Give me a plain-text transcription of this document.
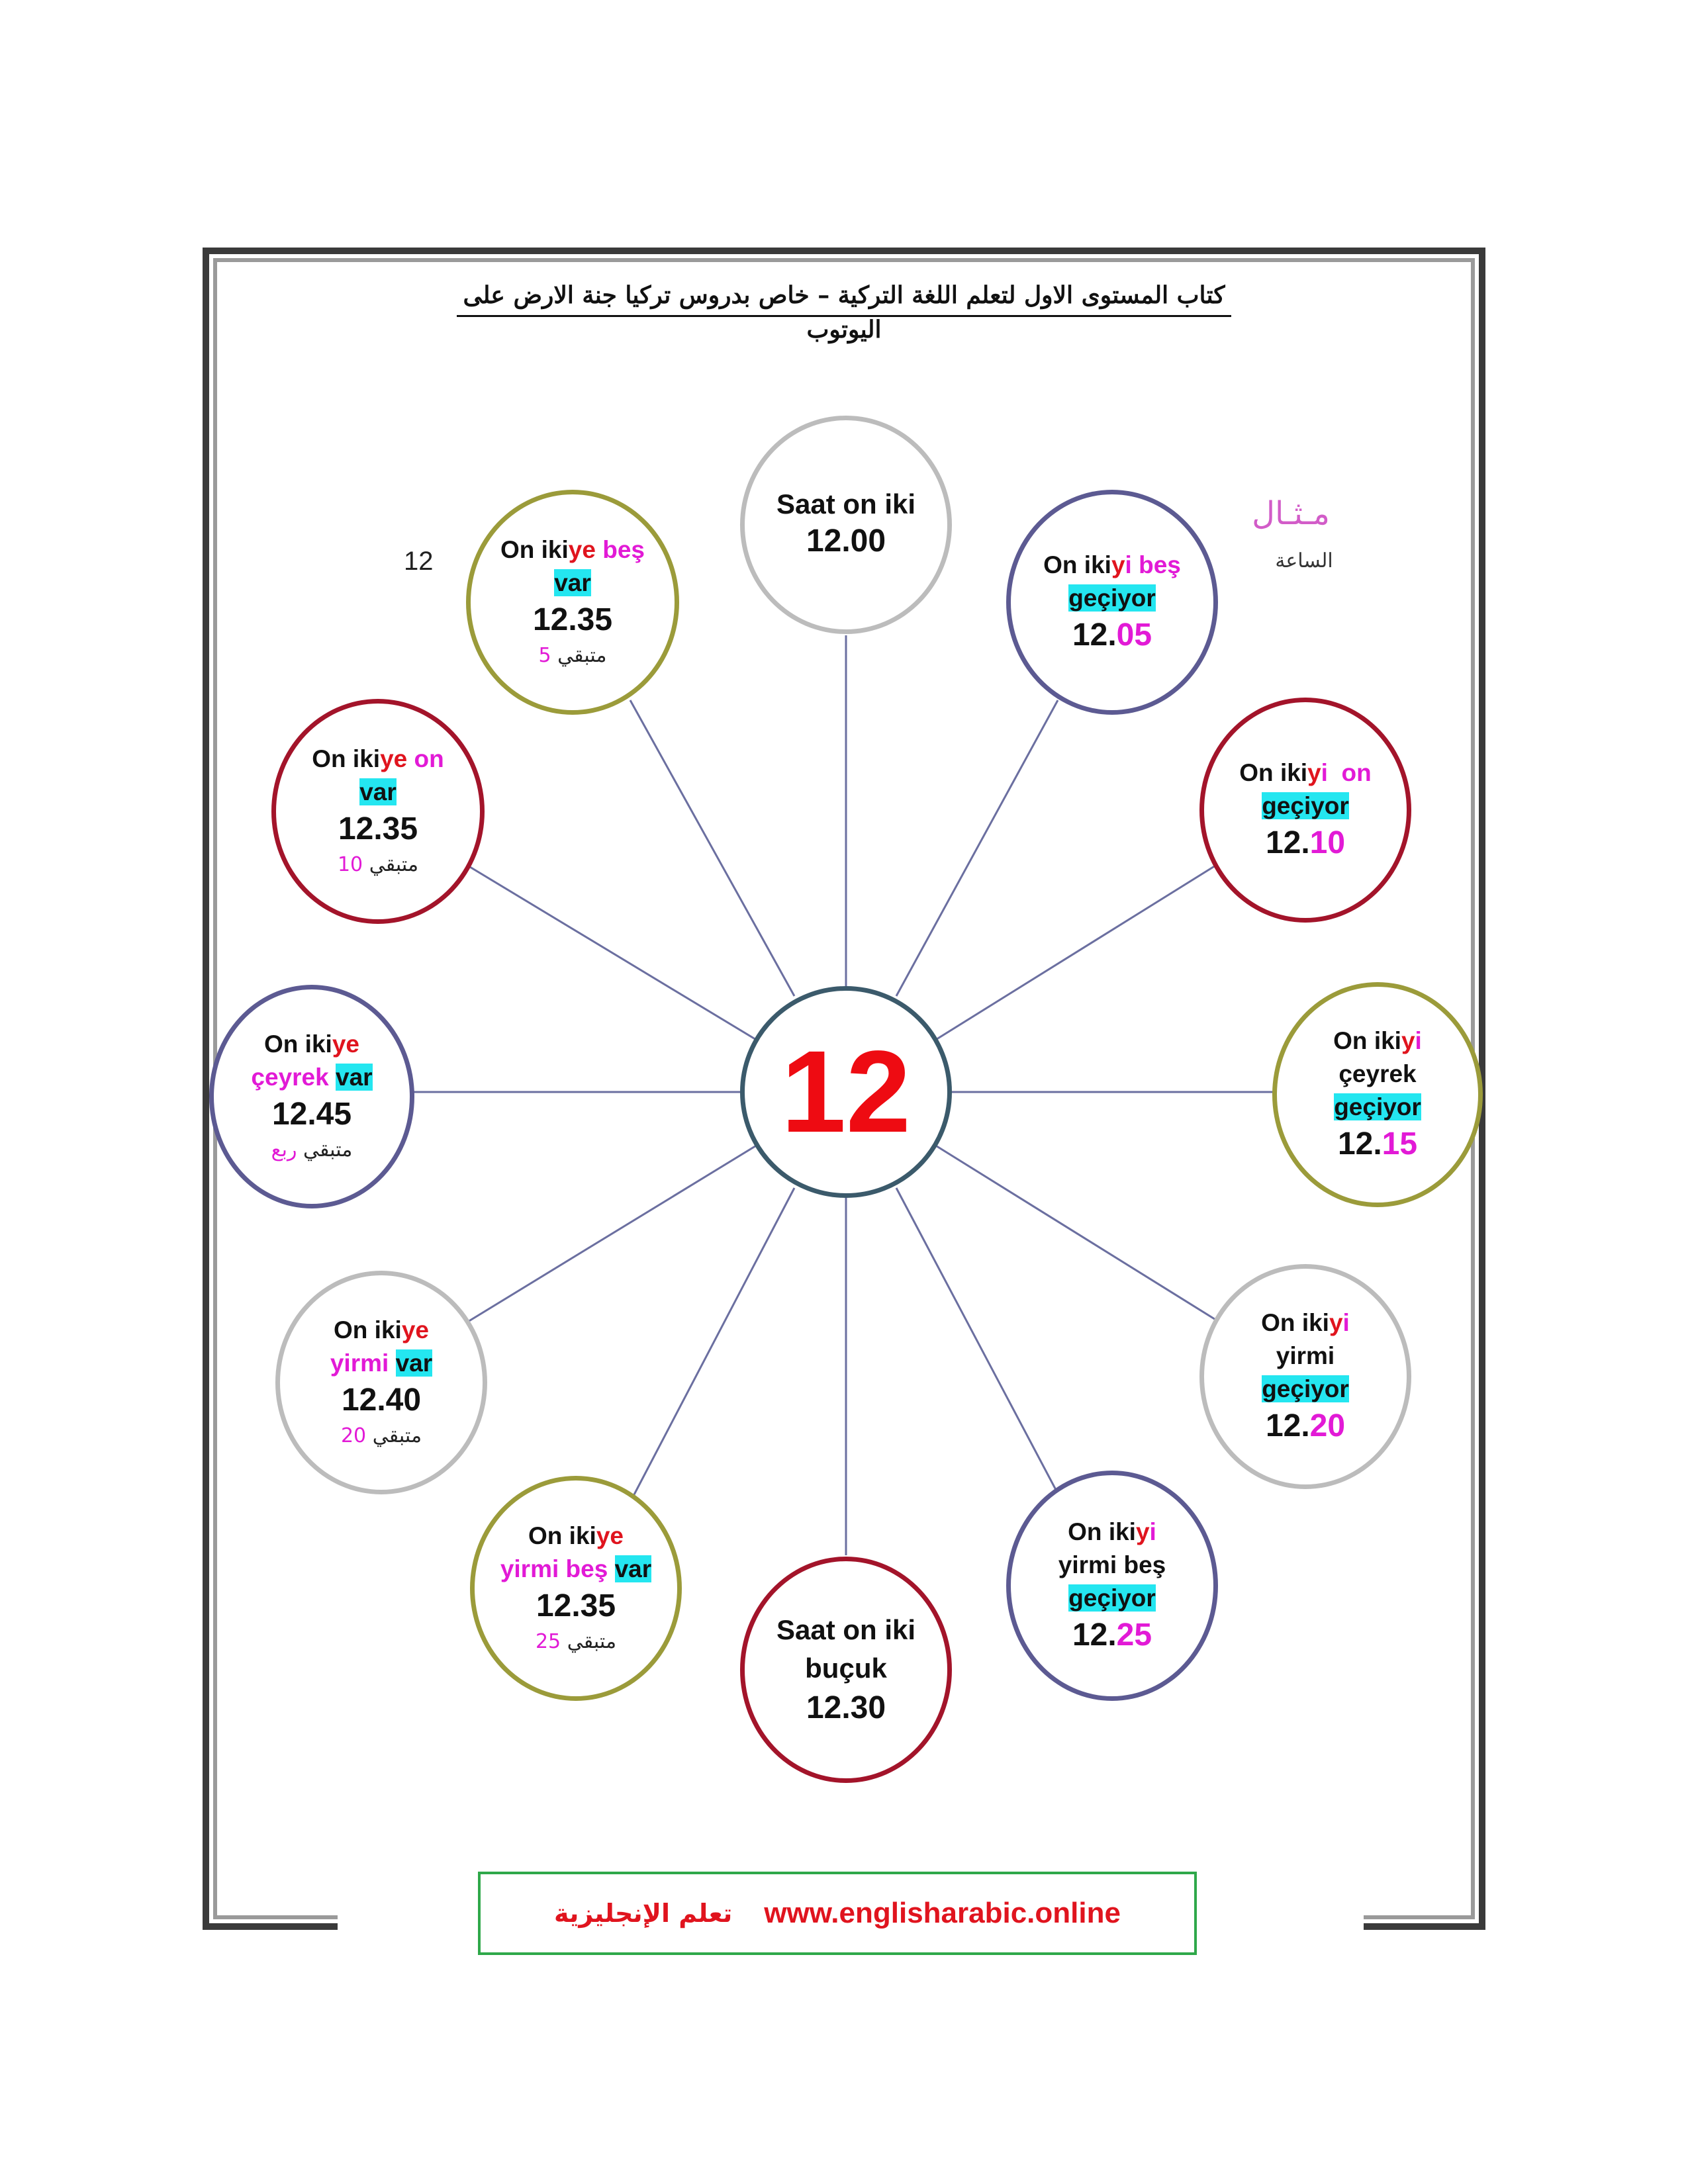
كتاب المستوى الاول لتعلم اللغة التركية – خاص بدروس تركيا جنة الارض على اليوتوب
12
مـثـال
الساعة
Saat on iki
12.00
On ikiyi beş
geçiyor
12.05
On ikiyi  on
geçiyor
12.10
On ikiyi
çeyrek
geçiyor
12.15
On ikiyi
yirmi
geçiyor
12.20
On ikiyi
yirmi beş
geçiyor
12.25
Saat on iki
buçuk
12.30
On ikiye
yirmi beş var
12.35
متبقي 25
On ikiye
yirmi var
12.40
متبقي 20
On ikiye
çeyrek var
12.45
متبقي ربع
On ikiye on
var
12.35
متبقي 10
On ikiye beş
var
12.35
متبقي 5
12
تعلم الإنجليزية www.englisharabic.online
